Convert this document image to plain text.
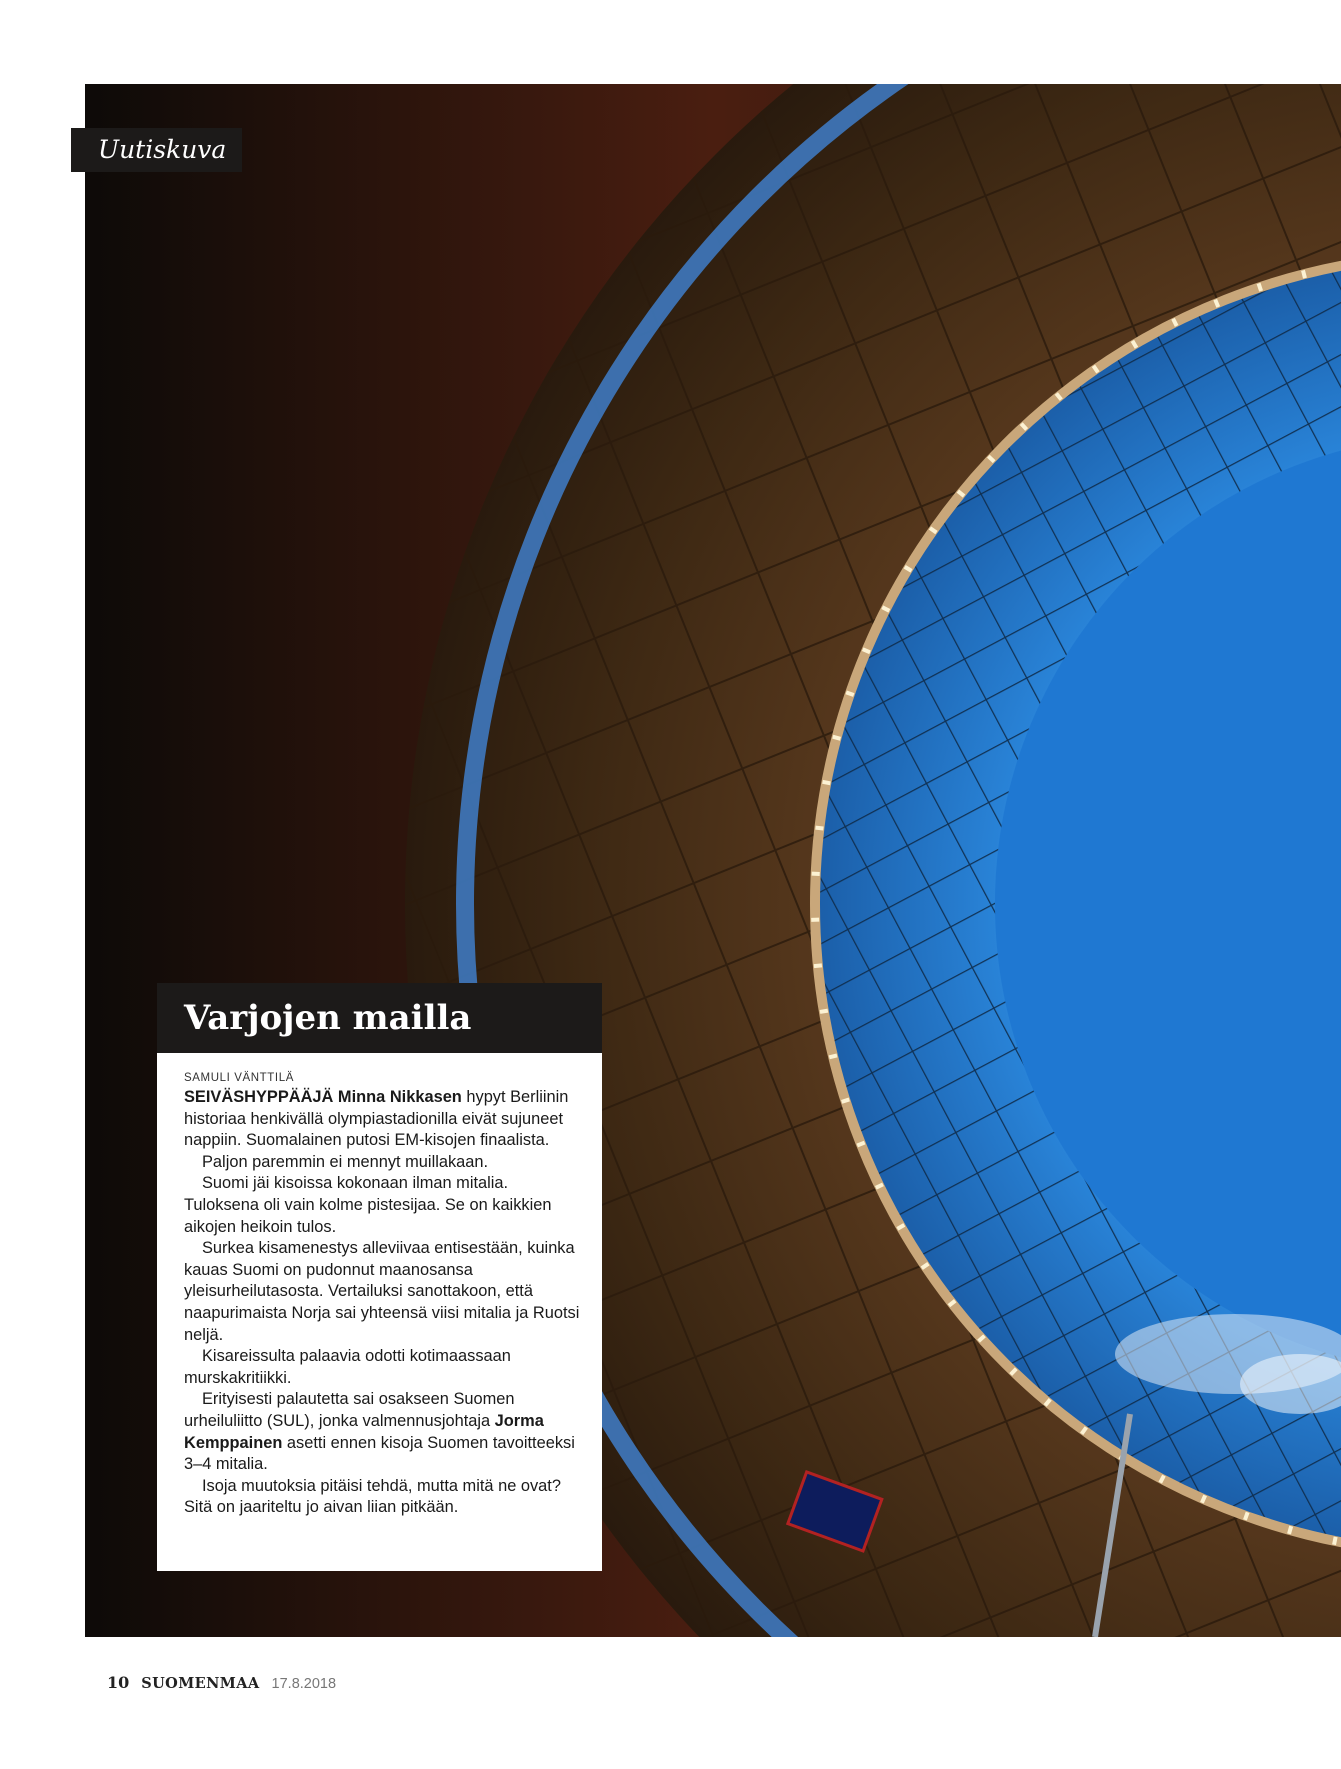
Uutiskuva
Varjojen mailla
SAMULI VÄNTTILÄ

SEIVÄSHYPPÄÄJÄ Minna Nikkasen hypyt Berliinin historiaa henkivällä olympiastadionilla eivät sujuneet nappiin. Suomalainen putosi EM-kisojen finaalista.

Paljon paremmin ei mennyt muillakaan.

Suomi jäi kisoissa kokonaan ilman mitalia. Tuloksena oli vain kolme pistesijaa. Se on kaikkien aikojen heikoin tulos.

Surkea kisamenestys alleviivaa entisestään, kuinka kauas Suomi on pudonnut maanosansa yleisurheilutasosta. Vertailuksi sanottakoon, että naapurimaista Norja sai yhteensä viisi mitalia ja Ruotsi neljä.

Kisareissulta palaavia odotti kotimaassaan murskakritiikki.

Erityisesti palautetta sai osakseen Suomen urheiluliitto (SUL), jonka valmennusjohtaja Jorma Kemppainen asetti ennen kisoja Suomen tavoitteeksi 3–4 mitalia.

Isoja muutoksia pitäisi tehdä, mutta mitä ne ovat? Sitä on jaariteltu jo aivan liian pitkään.

10 SUOMENMAA 17.8.2018
